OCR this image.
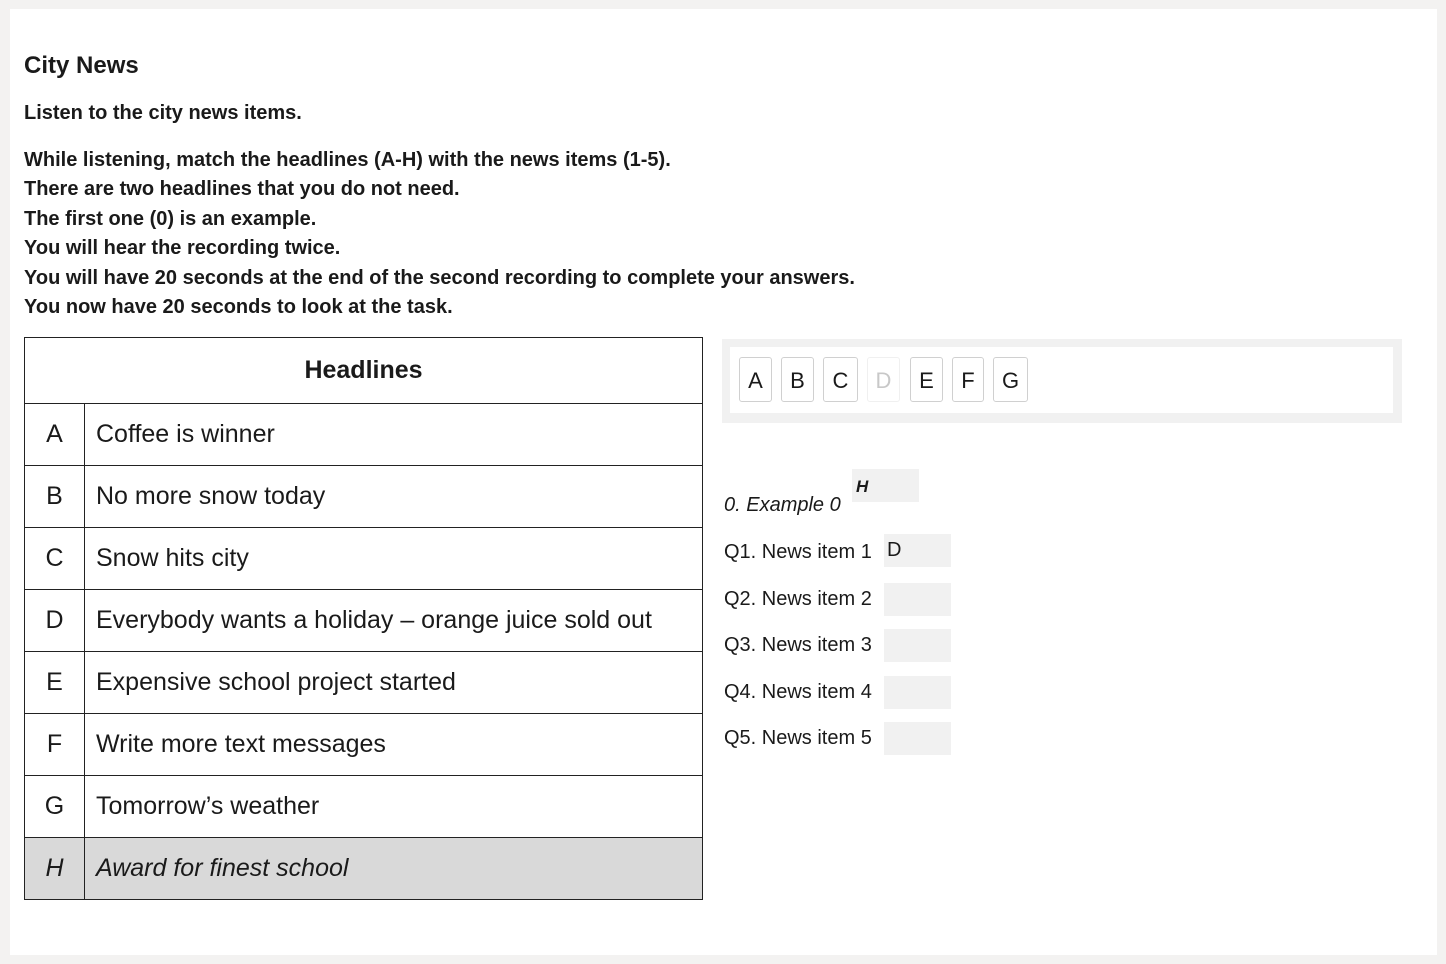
City News

Listen to the city news items.

While listening, match the headlines (A-H) with the news items (1-5).
There are two headlines that you do not need.
The first one (0) is an example.
You will hear the recording twice.
You will have 20 seconds at the end of the second recording to complete your answers.
You now have 20 seconds to look at the task.
Headlines	
A	Coffee is winner
B	No more snow today
C	Snow hits city
D	Everybody wants a holiday – orange juice sold out
E	Expensive school project started
F	Write more text messages
G	Tomorrow’s weather
H	Award for finest school
A	B	C	D	E	F	G
0. Example 0
H
Q1. News item 1 D
Q2. News item 2
Q3. News item 3
Q4. News item 4
Q5. News item 5
